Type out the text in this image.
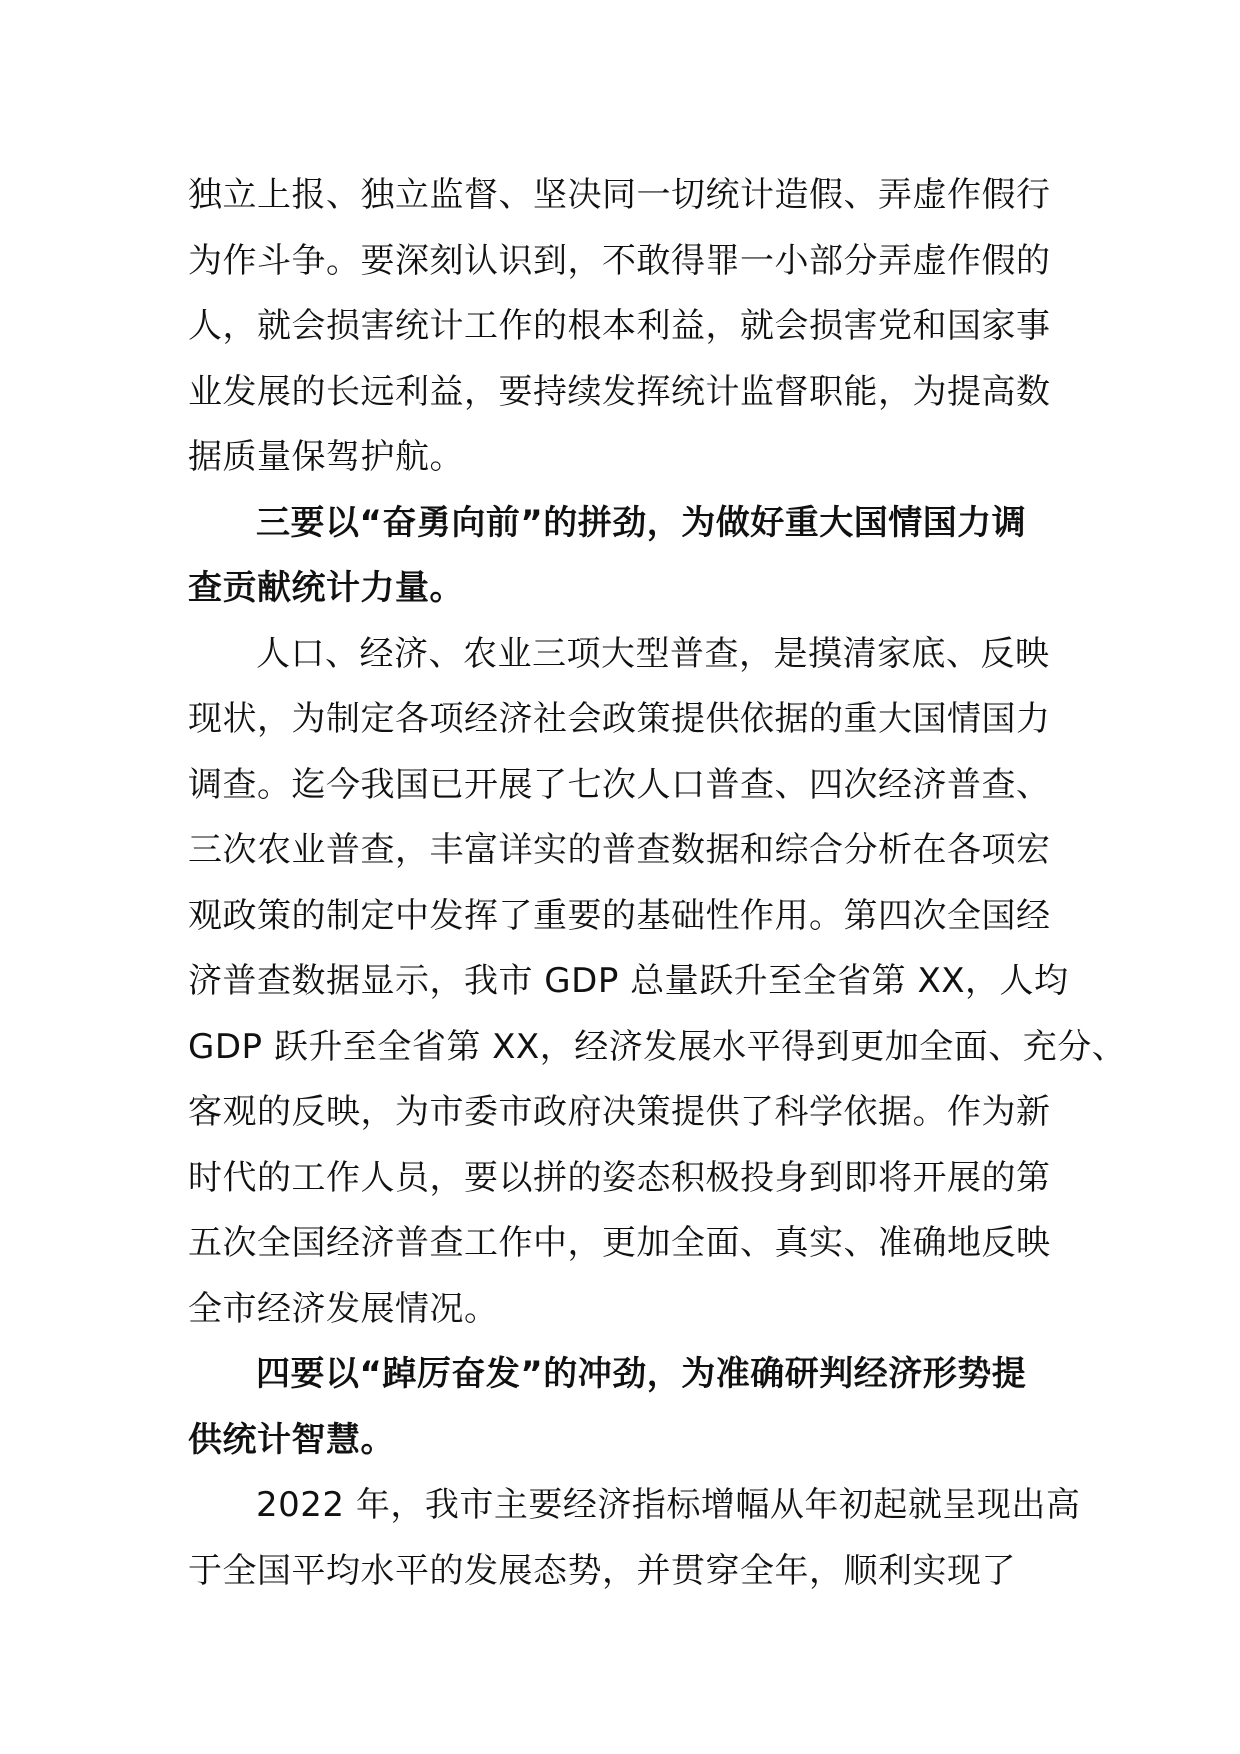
独立上报、独立监督、坚决同一切统计造假、弄虚作假行
为作斗争。要深刻认识到，不敢得罪一小部分弄虚作假的
人，就会损害统计工作的根本利益，就会损害党和国家事
业发展的长远利益，要持续发挥统计监督职能，为提高数
据质量保驾护航。
三要以“奋勇向前”的拼劲，为做好重大国情国力调
查贡献统计力量。
人口、经济、农业三项大型普查，是摸清家底、反映
现状，为制定各项经济社会政策提供依据的重大国情国力
调查。迄今我国已开展了七次人口普查、四次经济普查、
三次农业普查，丰富详实的普查数据和综合分析在各项宏
观政策的制定中发挥了重要的基础性作用。第四次全国经
济普查数据显示，我市 GDP 总量跃升至全省第 XX，人均
GDP 跃升至全省第 XX，经济发展水平得到更加全面、充分、
客观的反映，为市委市政府决策提供了科学依据。作为新
时代的工作人员，要以拼的姿态积极投身到即将开展的第
五次全国经济普查工作中，更加全面、真实、准确地反映
全市经济发展情况。
四要以“踔厉奋发”的冲劲，为准确研判经济形势提
供统计智慧。
2022 年，我市主要经济指标增幅从年初起就呈现出高
于全国平均水平的发展态势，并贯穿全年，顺利实现了
